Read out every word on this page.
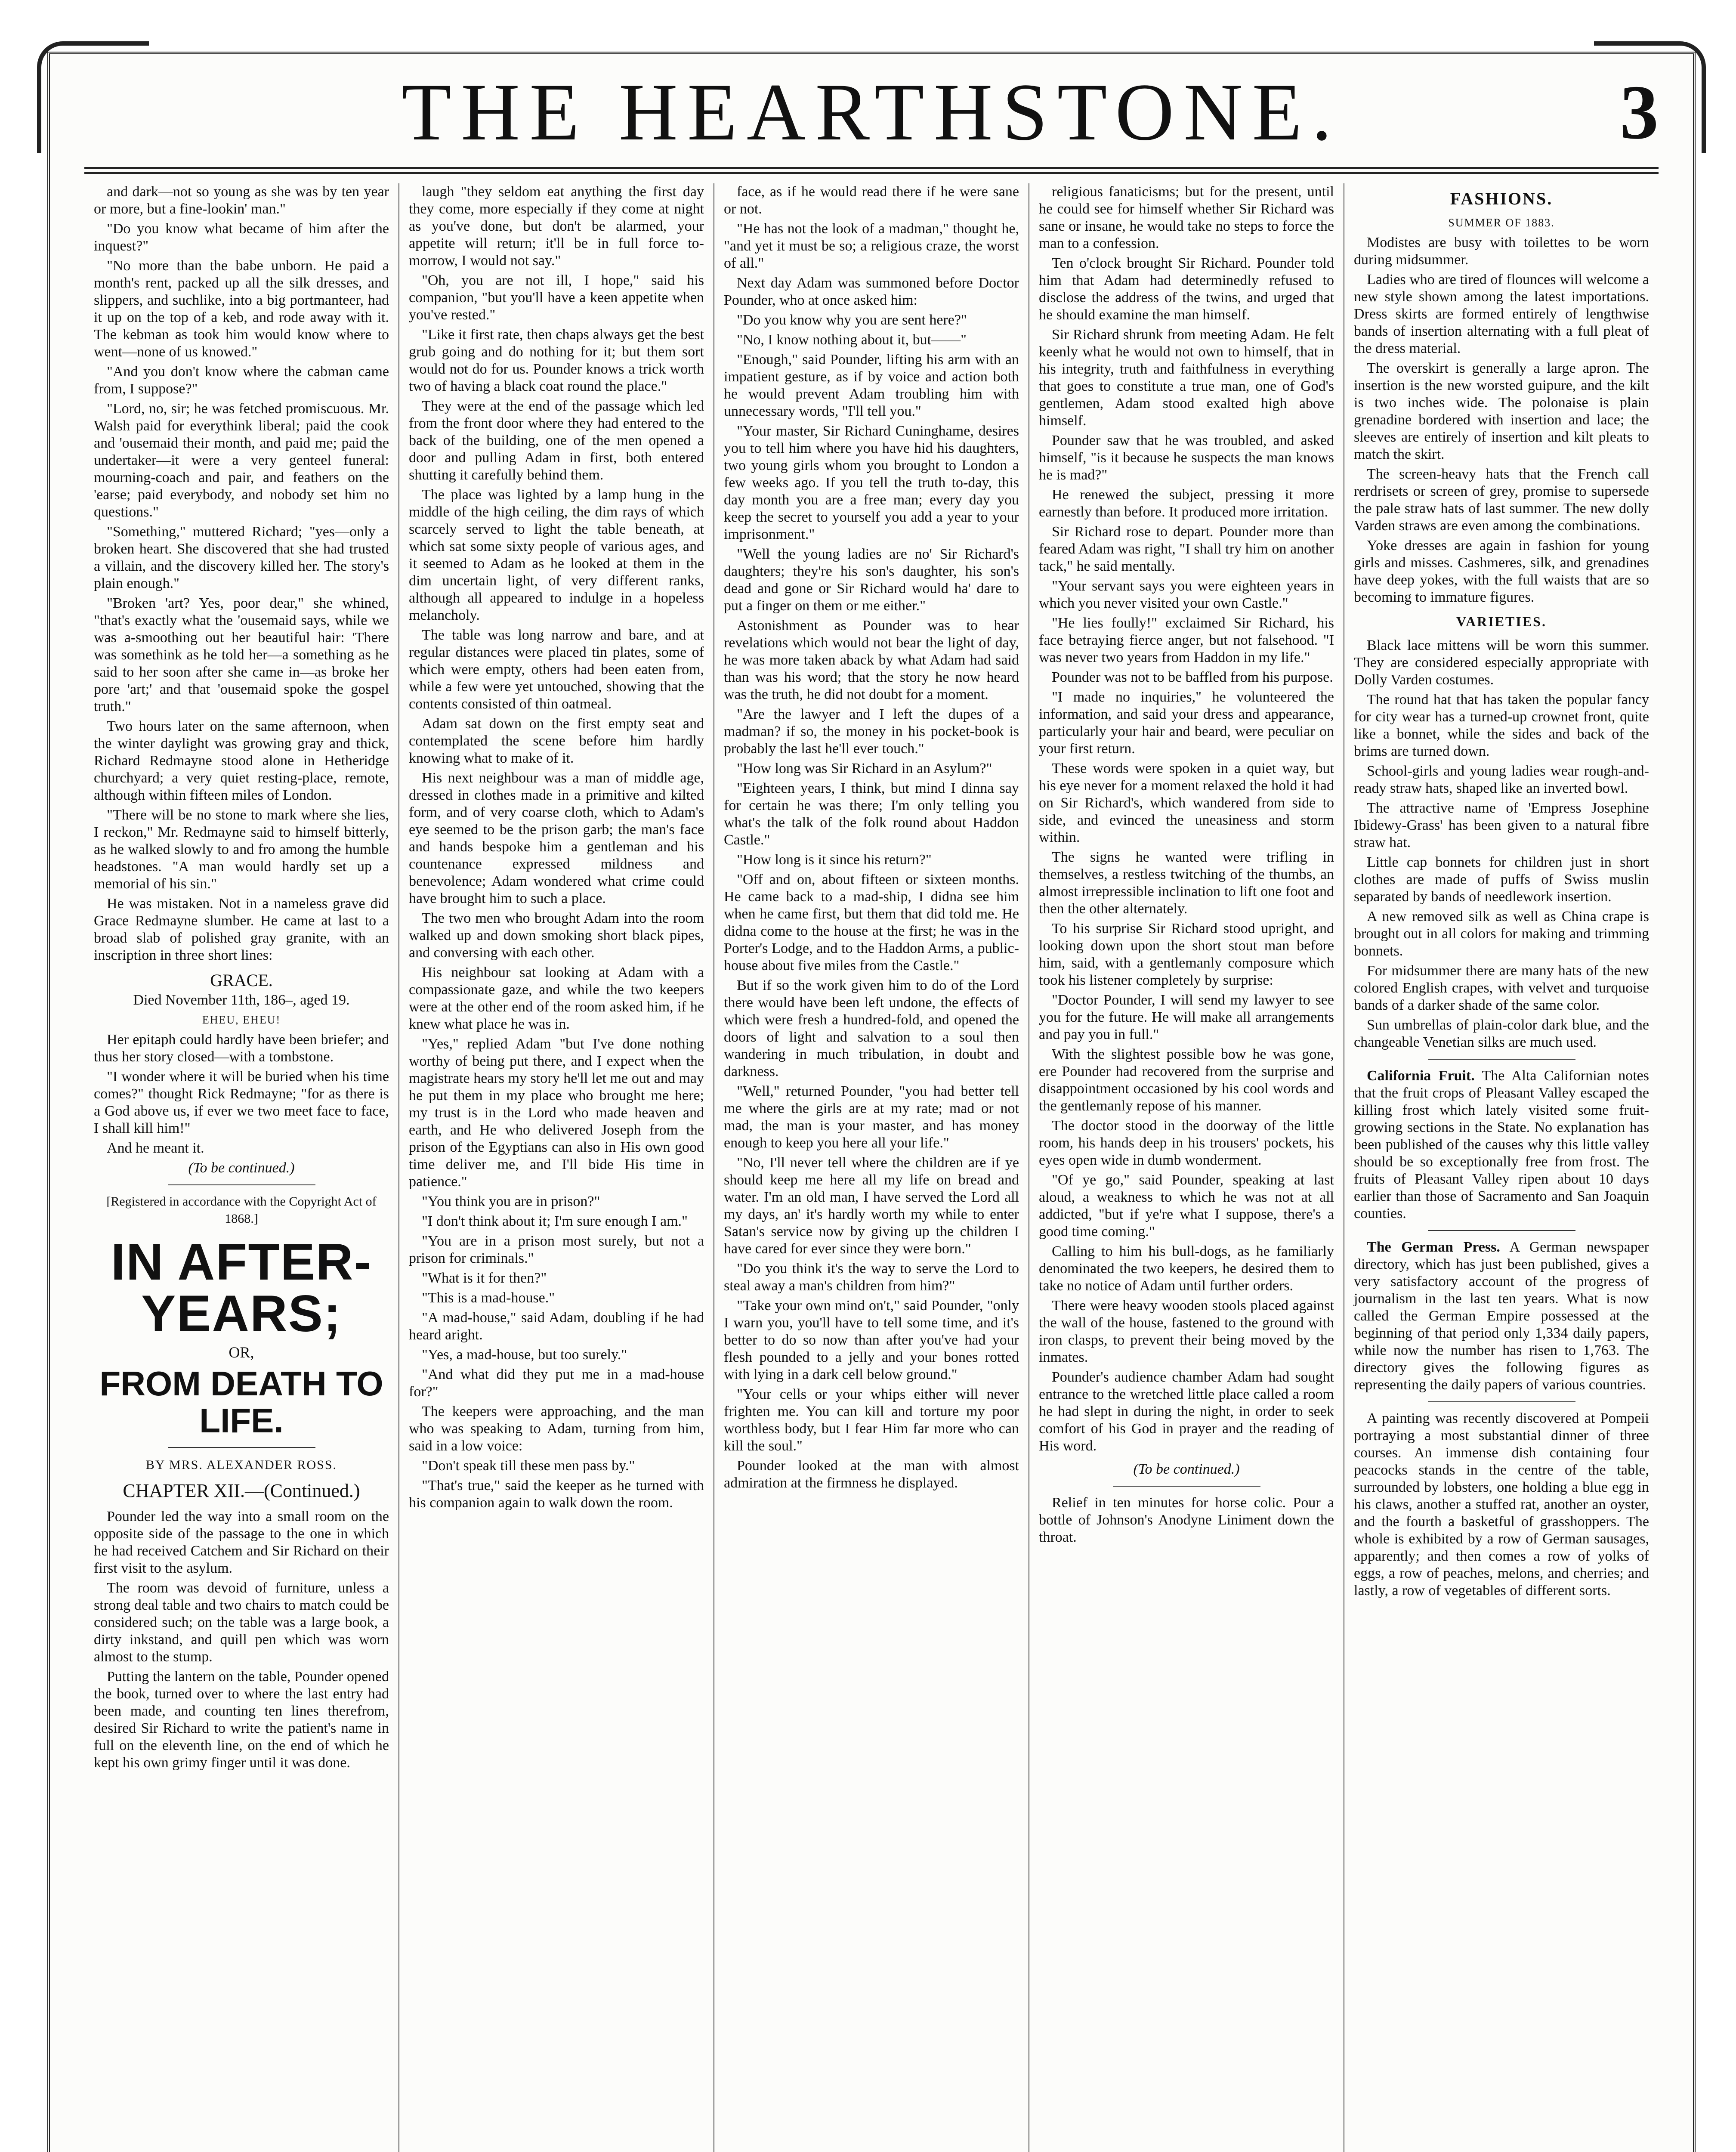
THE HEARTHSTONE.	3

and dark—not so young as she was by ten year or more, but a fine-lookin' man."

"Do you know what became of him after the inquest?"

"No more than the babe unborn. He paid a month's rent, packed up all the silk dresses, and slippers, and suchlike, into a big portmanteer, had it up on the top of a keb, and rode away with it. The kebman as took him would know where to went—none of us knowed."

"And you don't know where the cabman came from, I suppose?"

"Lord, no, sir; he was fetched promiscuous. Mr. Walsh paid for everythink liberal; paid the cook and 'ousemaid their month, and paid me; paid the undertaker—it were a very genteel funeral: mourning-coach and pair, and feathers on the 'earse; paid everybody, and nobody set him no questions."

"Something," muttered Richard; "yes—only a broken heart. She discovered that she had trusted a villain, and the discovery killed her. The story's plain enough."

"Broken 'art? Yes, poor dear," she whined, "that's exactly what the 'ousemaid says, while we was a-smoothing out her beautiful hair: 'There was somethink as he told her—a something as he said to her soon after she came in—as broke her pore 'art;' and that 'ousemaid spoke the gospel truth."

Two hours later on the same afternoon, when the winter daylight was growing gray and thick, Richard Redmayne stood alone in Hetheridge churchyard; a very quiet resting-place, remote, although within fifteen miles of London.

"There will be no stone to mark where she lies, I reckon," Mr. Redmayne said to himself bitterly, as he walked slowly to and fro among the humble headstones. "A man would hardly set up a memorial of his sin."

He was mistaken. Not in a nameless grave did Grace Redmayne slumber. He came at last to a broad slab of polished gray granite, with an inscription in three short lines:

GRACE.

Died November 11th, 186–, aged 19.

EHEU, EHEU!

Her epitaph could hardly have been briefer; and thus her story closed—with a tombstone.

"I wonder where it will be buried when his time comes?" thought Rick Redmayne; "for as there is a God above us, if ever we two meet face to face, I shall kill him!"

And he meant it.

(To be continued.)

[Registered in accordance with the Copyright Act of 1868.]

IN AFTER-YEARS;
OR,
FROM DEATH TO LIFE.
BY MRS. ALEXANDER ROSS.
CHAPTER XII.—(Continued.)

Pounder led the way into a small room on the opposite side of the passage to the one in which he had received Catchem and Sir Richard on their first visit to the asylum.

The room was devoid of furniture, unless a strong deal table and two chairs to match could be considered such; on the table was a large book, a dirty inkstand, and quill pen which was worn almost to the stump.

Putting the lantern on the table, Pounder opened the book, turned over to where the last entry had been made, and counting ten lines therefrom, desired Sir Richard to write the patient's name in full on the eleventh line, on the end of which he kept his own grimy finger until it was done.

laugh "they seldom eat anything the first day they come, more especially if they come at night as you've done, but don't be alarmed, your appetite will return; it'll be in full force to-morrow, I would not say."

"Oh, you are not ill, I hope," said his companion, "but you'll have a keen appetite when you've rested."

"Like it first rate, then chaps always get the best grub going and do nothing for it; but them sort would not do for us. Pounder knows a trick worth two of having a black coat round the place."

They were at the end of the passage which led from the front door where they had entered to the back of the building, one of the men opened a door and pulling Adam in first, both entered shutting it carefully behind them.

The place was lighted by a lamp hung in the middle of the high ceiling, the dim rays of which scarcely served to light the table beneath, at which sat some sixty people of various ages, and it seemed to Adam as he looked at them in the dim uncertain light, of very different ranks, although all appeared to indulge in a hopeless melancholy.

The table was long narrow and bare, and at regular distances were placed tin plates, some of which were empty, others had been eaten from, while a few were yet untouched, showing that the contents consisted of thin oatmeal.

Adam sat down on the first empty seat and contemplated the scene before him hardly knowing what to make of it.

His next neighbour was a man of middle age, dressed in clothes made in a primitive and kilted form, and of very coarse cloth, which to Adam's eye seemed to be the prison garb; the man's face and hands bespoke him a gentleman and his countenance expressed mildness and benevolence; Adam wondered what crime could have brought him to such a place.

The two men who brought Adam into the room walked up and down smoking short black pipes, and conversing with each other.

His neighbour sat looking at Adam with a compassionate gaze, and while the two keepers were at the other end of the room asked him, if he knew what place he was in.

"Yes," replied Adam "but I've done nothing worthy of being put there, and I expect when the magistrate hears my story he'll let me out and may he put them in my place who brought me here; my trust is in the Lord who made heaven and earth, and He who delivered Joseph from the prison of the Egyptians can also in His own good time deliver me, and I'll bide His time in patience."

"You think you are in prison?"

"I don't think about it; I'm sure enough I am."

"You are in a prison most surely, but not a prison for criminals."

"What is it for then?"

"This is a mad-house."

"A mad-house," said Adam, doubling if he had heard aright.

"Yes, a mad-house, but too surely."

"And what did they put me in a mad-house for?"

The keepers were approaching, and the man who was speaking to Adam, turning from him, said in a low voice:

"Don't speak till these men pass by."

"That's true," said the keeper as he turned with his companion again to walk down the room.

face, as if he would read there if he were sane or not.

"He has not the look of a madman," thought he, "and yet it must be so; a religious craze, the worst of all."

Next day Adam was summoned before Doctor Pounder, who at once asked him:

"Do you know why you are sent here?"

"No, I know nothing about it, but——"

"Enough," said Pounder, lifting his arm with an impatient gesture, as if by voice and action both he would prevent Adam troubling him with unnecessary words, "I'll tell you."

"Your master, Sir Richard Cuninghame, desires you to tell him where you have hid his daughters, two young girls whom you brought to London a few weeks ago. If you tell the truth to-day, this day month you are a free man; every day you keep the secret to yourself you add a year to your imprisonment."

"Well the young ladies are no' Sir Richard's daughters; they're his son's daughter, his son's dead and gone or Sir Richard would ha' dare to put a finger on them or me either."

Astonishment as Pounder was to hear revelations which would not bear the light of day, he was more taken aback by what Adam had said than was his word; that the story he now heard was the truth, he did not doubt for a moment.

"Are the lawyer and I left the dupes of a madman? if so, the money in his pocket-book is probably the last he'll ever touch."

"How long was Sir Richard in an Asylum?"

"Eighteen years, I think, but mind I dinna say for certain he was there; I'm only telling you what's the talk of the folk round about Haddon Castle."

"How long is it since his return?"

"Off and on, about fifteen or sixteen months. He came back to a mad-ship, I didna see him when he came first, but them that did told me. He didna come to the house at the first; he was in the Porter's Lodge, and to the Haddon Arms, a public-house about five miles from the Castle."

But if so the work given him to do of the Lord there would have been left undone, the effects of which were fresh a hundred-fold, and opened the doors of light and salvation to a soul then wandering in much tribulation, in doubt and darkness.

"Well," returned Pounder, "you had better tell me where the girls are at my rate; mad or not mad, the man is your master, and has money enough to keep you here all your life."

"No, I'll never tell where the children are if ye should keep me here all my life on bread and water. I'm an old man, I have served the Lord all my days, an' it's hardly worth my while to enter Satan's service now by giving up the children I have cared for ever since they were born."

"Do you think it's the way to serve the Lord to steal away a man's children from him?"

"Take your own mind on't," said Pounder, "only I warn you, you'll have to tell some time, and it's better to do so now than after you've had your flesh pounded to a jelly and your bones rotted with lying in a dark cell below ground."

"Your cells or your whips either will never frighten me. You can kill and torture my poor worthless body, but I fear Him far more who can kill the soul."

Pounder looked at the man with almost admiration at the firmness he displayed.

religious fanaticisms; but for the present, until he could see for himself whether Sir Richard was sane or insane, he would take no steps to force the man to a confession.

Ten o'clock brought Sir Richard. Pounder told him that Adam had determinedly refused to disclose the address of the twins, and urged that he should examine the man himself.

Sir Richard shrunk from meeting Adam. He felt keenly what he would not own to himself, that in his integrity, truth and faithfulness in everything that goes to constitute a true man, one of God's gentlemen, Adam stood exalted high above himself.

Pounder saw that he was troubled, and asked himself, "is it because he suspects the man knows he is mad?"

He renewed the subject, pressing it more earnestly than before. It produced more irritation.

Sir Richard rose to depart. Pounder more than feared Adam was right, "I shall try him on another tack," he said mentally.

"Your servant says you were eighteen years in which you never visited your own Castle."

"He lies foully!" exclaimed Sir Richard, his face betraying fierce anger, but not falsehood. "I was never two years from Haddon in my life."

Pounder was not to be baffled from his purpose.

"I made no inquiries," he volunteered the information, and said your dress and appearance, particularly your hair and beard, were peculiar on your first return.

These words were spoken in a quiet way, but his eye never for a moment relaxed the hold it had on Sir Richard's, which wandered from side to side, and evinced the uneasiness and storm within.

The signs he wanted were trifling in themselves, a restless twitching of the thumbs, an almost irrepressible inclination to lift one foot and then the other alternately.

To his surprise Sir Richard stood upright, and looking down upon the short stout man before him, said, with a gentlemanly composure which took his listener completely by surprise:

"Doctor Pounder, I will send my lawyer to see you for the future. He will make all arrangements and pay you in full."

With the slightest possible bow he was gone, ere Pounder had recovered from the surprise and disappointment occasioned by his cool words and the gentlemanly repose of his manner.

The doctor stood in the doorway of the little room, his hands deep in his trousers' pockets, his eyes open wide in dumb wonderment.

"Of ye go," said Pounder, speaking at last aloud, a weakness to which he was not at all addicted, "but if ye're what I suppose, there's a good time coming."

Calling to him his bull-dogs, as he familiarly denominated the two keepers, he desired them to take no notice of Adam until further orders.

There were heavy wooden stools placed against the wall of the house, fastened to the ground with iron clasps, to prevent their being moved by the inmates.

Pounder's audience chamber Adam had sought entrance to the wretched little place called a room he had slept in during the night, in order to seek comfort of his God in prayer and the reading of His word.

(To be continued.)

Relief in ten minutes for horse colic. Pour a bottle of Johnson's Anodyne Liniment down the throat.

FASHIONS.

SUMMER OF 1883.

Modistes are busy with toilettes to be worn during midsummer.

Ladies who are tired of flounces will welcome a new style shown among the latest importations. Dress skirts are formed entirely of lengthwise bands of insertion alternating with a full pleat of the dress material.

The overskirt is generally a large apron. The insertion is the new worsted guipure, and the kilt is two inches wide. The polonaise is plain grenadine bordered with insertion and lace; the sleeves are entirely of insertion and kilt pleats to match the skirt.

The screen-heavy hats that the French call rerdrisets or screen of grey, promise to supersede the pale straw hats of last summer. The new dolly Varden straws are even among the combinations.

Yoke dresses are again in fashion for young girls and misses. Cashmeres, silk, and grenadines have deep yokes, with the full waists that are so becoming to immature figures.

VARIETIES.

Black lace mittens will be worn this summer. They are considered especially appropriate with Dolly Varden costumes.

The round hat that has taken the popular fancy for city wear has a turned-up crownet front, quite like a bonnet, while the sides and back of the brims are turned down.

School-girls and young ladies wear rough-and-ready straw hats, shaped like an inverted bowl.

The attractive name of 'Empress Josephine Ibidewy-Grass' has been given to a natural fibre straw hat.

Little cap bonnets for children just in short clothes are made of puffs of Swiss muslin separated by bands of needlework insertion.

A new removed silk as well as China crape is brought out in all colors for making and trimming bonnets.

For midsummer there are many hats of the new colored English crapes, with velvet and turquoise bands of a darker shade of the same color.

Sun umbrellas of plain-color dark blue, and the changeable Venetian silks are much used.

California Fruit. The Alta Californian notes that the fruit crops of Pleasant Valley escaped the killing frost which lately visited some fruit-growing sections in the State. No explanation has been published of the causes why this little valley should be so exceptionally free from frost. The fruits of Pleasant Valley ripen about 10 days earlier than those of Sacramento and San Joaquin counties.

The German Press. A German newspaper directory, which has just been published, gives a very satisfactory account of the progress of journalism in the last ten years. What is now called the German Empire possessed at the beginning of that period only 1,334 daily papers, while now the number has risen to 1,763. The directory gives the following figures as representing the daily papers of various countries.

A painting was recently discovered at Pompeii portraying a most substantial dinner of three courses. An immense dish containing four peacocks stands in the centre of the table, surrounded by lobsters, one holding a blue egg in his claws, another a stuffed rat, another an oyster, and the fourth a basketful of grasshoppers. The whole is exhibited by a row of German sausages, apparently; and then comes a row of yolks of eggs, a row of peaches, melons, and cherries; and lastly, a row of vegetables of different sorts.
